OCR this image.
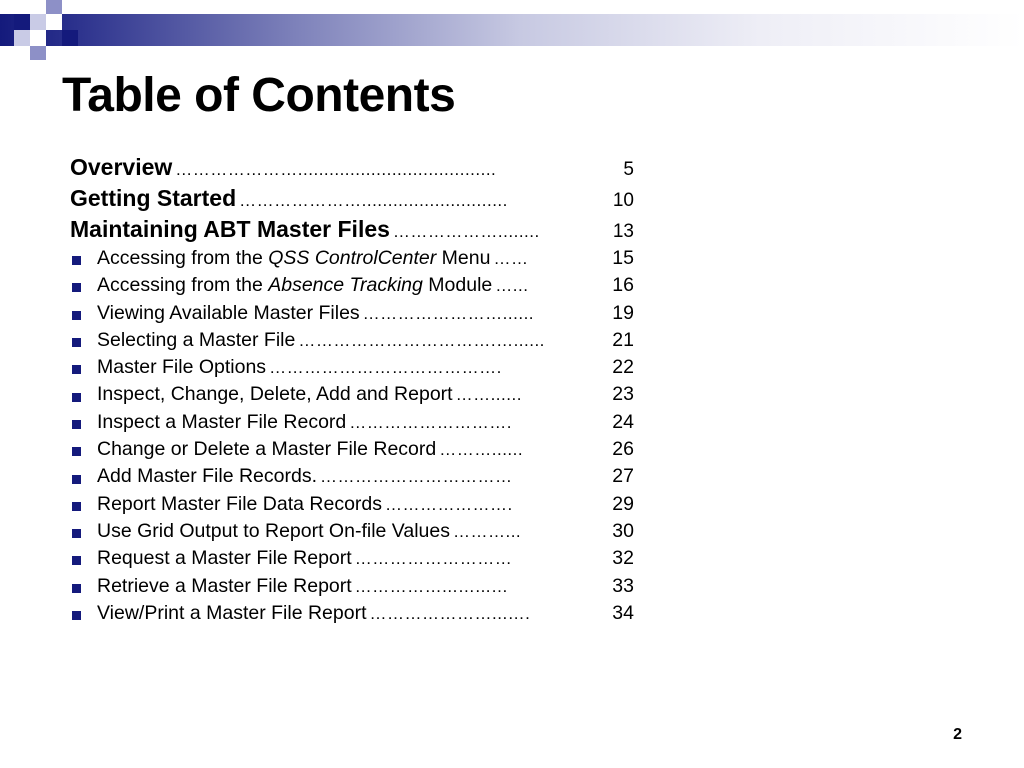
Table of Contents
Overview …………………......................................	5
Getting Started …………………............................	10
Maintaining ABT Master Files ………………........	13
Accessing from the QSS ControlCenter Menu ……	15
Accessing from the Absence Tracking Module …...	16
Viewing Available Master Files ……………………......	19
Selecting a Master File …………………………….…......	21
Master File Options ………………………………….	22
Inspect, Change, Delete, Add and Report ……......	23
Inspect a Master File Record ……………………….	24
Change or Delete a Master File Record ………......	26
Add Master File Records. ……………………………	27
Report Master File Data Records ………………….	29
Use Grid Output to Report On-file Values ………...	30
Request a Master File Report ………………………	32
Retrieve a Master File Report ……………...…...…	33
View/Print a Master File Report …………………...….	34
2
